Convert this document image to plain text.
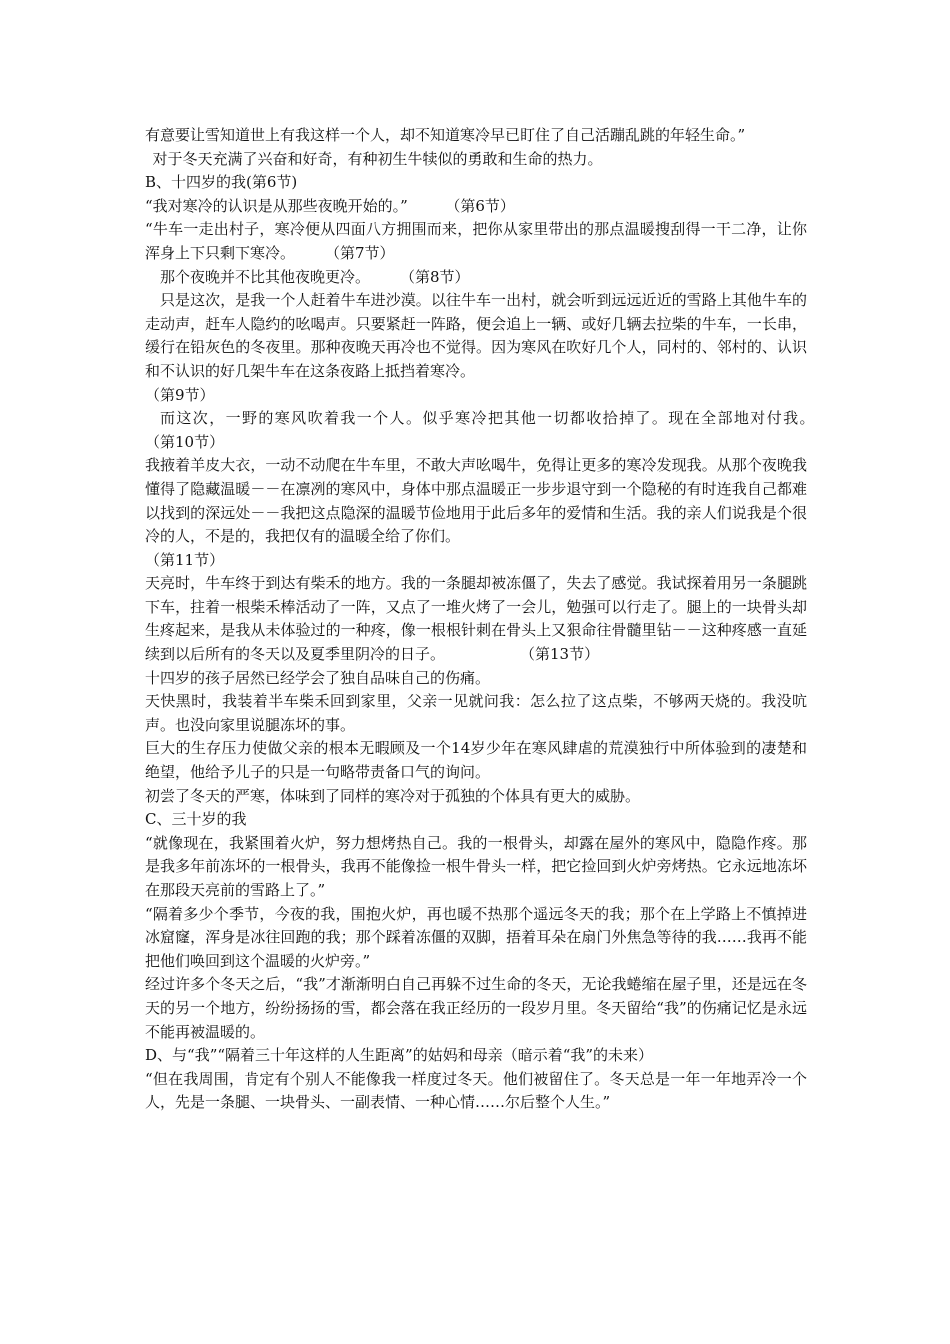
有意要让雪知道世上有我这样一个人，却不知道寒冷早已盯住了自己活蹦乱跳的年轻生命。”

对于冬天充满了兴奋和好奇，有种初生牛犊似的勇敢和生命的热力。

B、十四岁的我(第6节)

“我对寒冷的认识是从那些夜晚开始的。”　　　（第6节）

“牛车一走出村子，寒冷便从四面八方拥围而来，把你从家里带出的那点温暖搜刮得一干二净，让你浑身上下只剩下寒冷。　　　（第7节）

那个夜晚并不比其他夜晚更冷。　　　（第8节）

只是这次，是我一个人赶着牛车进沙漠。以往牛车一出村，就会听到远远近近的雪路上其他牛车的走动声，赶车人隐约的吆喝声。只要紧赶一阵路，便会追上一辆、或好几辆去拉柴的牛车，一长串，缓行在铅灰色的冬夜里。那种夜晚天再冷也不觉得。因为寒风在吹好几个人，同村的、邻村的、认识和不认识的好几架牛车在这条夜路上抵挡着寒冷。

（第9节）

而这次，一野的寒风吹着我一个人。似乎寒冷把其他一切都收拾掉了。现在全部地对付我。　　　　　　（第10节）

我掖着羊皮大衣，一动不动爬在牛车里，不敢大声吆喝牛，免得让更多的寒冷发现我。从那个夜晚我懂得了隐藏温暖－－在凛冽的寒风中，身体中那点温暖正一步步退守到一个隐秘的有时连我自己都难以找到的深远处－－我把这点隐深的温暖节俭地用于此后多年的爱情和生活。我的亲人们说我是个很冷的人，不是的，我把仅有的温暖全给了你们。

（第11节）

天亮时，牛车终于到达有柴禾的地方。我的一条腿却被冻僵了，失去了感觉。我试探着用另一条腿跳下车，拄着一根柴禾棒活动了一阵，又点了一堆火烤了一会儿，勉强可以行走了。腿上的一块骨头却生疼起来，是我从未体验过的一种疼，像一根根针刺在骨头上又狠命往骨髓里钻－－这种疼感一直延续到以后所有的冬天以及夏季里阴冷的日子。　　　　　　（第13节）

十四岁的孩子居然已经学会了独自品味自己的伤痛。

天快黑时，我装着半车柴禾回到家里，父亲一见就问我：怎么拉了这点柴，不够两天烧的。我没吭声。也没向家里说腿冻坏的事。

巨大的生存压力使做父亲的根本无暇顾及一个14岁少年在寒风肆虐的荒漠独行中所体验到的凄楚和绝望，他给予儿子的只是一句略带责备口气的询问。

初尝了冬天的严寒，体味到了同样的寒冷对于孤独的个体具有更大的威胁。

C、三十岁的我

“就像现在，我紧围着火炉，努力想烤热自己。我的一根骨头，却露在屋外的寒风中，隐隐作疼。那是我多年前冻坏的一根骨头，我再不能像捡一根牛骨头一样，把它捡回到火炉旁烤热。它永远地冻坏在那段天亮前的雪路上了。”

“隔着多少个季节，今夜的我，围抱火炉，再也暖不热那个遥远冬天的我；那个在上学路上不慎掉进冰窟窿，浑身是冰往回跑的我；那个踩着冻僵的双脚，捂着耳朵在扇门外焦急等待的我……我再不能把他们唤回到这个温暖的火炉旁。”

经过许多个冬天之后，“我”才渐渐明白自己再躲不过生命的冬天，无论我蜷缩在屋子里，还是远在冬天的另一个地方，纷纷扬扬的雪，都会落在我正经历的一段岁月里。冬天留给“我”的伤痛记忆是永远不能再被温暖的。

D、与“我”“隔着三十年这样的人生距离”的姑妈和母亲（暗示着“我”的未来）

“但在我周围，肯定有个别人不能像我一样度过冬天。他们被留住了。冬天总是一年一年地弄冷一个人，先是一条腿、一块骨头、一副表情、一种心情……尔后整个人生。”
